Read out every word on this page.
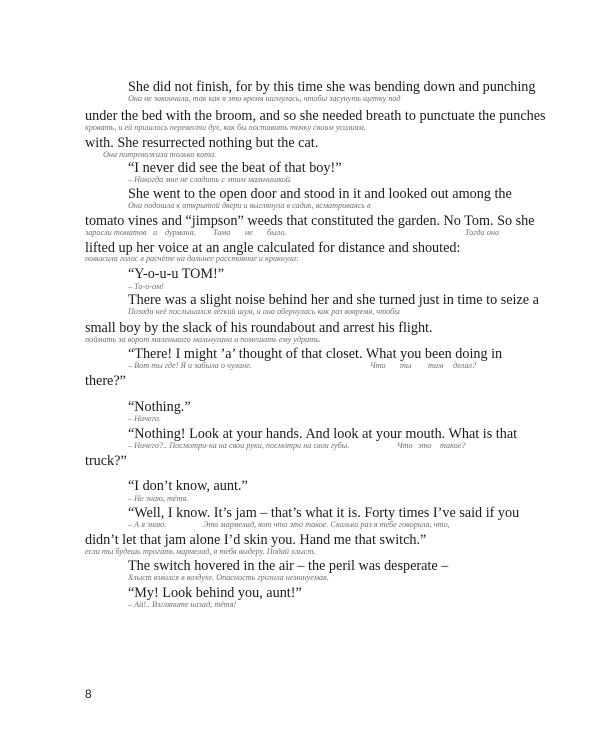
She did not finish, for by this time she was bending down and punching
Она не закончила, так как в это время нагнулась, чтобы засунуть щетку под
under the bed with the broom, and so she needed breath to punctuate the punches
кровать, и ей пришлось перевести дух, как бы поставить точку своим усилиям.
with. She resurrected nothing but the cat.
Она потревожила только кота.
“I never did see the beat of that boy!”
– Никогда мне не сладить с этим мальчишкой.
She went to the open door and stood in it and looked out among the
Она подошла к открытой двери и выглянула в садик, всматриваясь в
tomato vines and “jimpson” weeds that constituted the garden. No Tom. So she
заросли томатов и дурмана. Тома не было.	Тогда она
lifted up her voice at an angle calculated for distance and shouted:
повысила голос в расчёте на дальнее расстояние и крикнула:
“Y-o-u-u TOM!”
– То-о-ом!
There was a slight noise behind her and she turned just in time to seize a
Позади неё послышался лёгкий шум, и она обернулась как раз вовремя, чтобы
small boy by the slack of his roundabout and arrest his flight.
поймать за ворот маленького мальчугана и помешать ему удрать.
“There! I might ’a’ thought of that closet. What you been doing in
– Вот ты где! Я и забыла о чулане.	Что ты там делал?
there?”
“Nothing.”
– Ничего.
“Nothing! Look at your hands. And look at your mouth. What is that
– Ничего?.. Посмотри-ка на свои руки, посмотри на свои губы.	Что это такое?
truck?”
“I don’t know, aunt.”
– Не знаю, тётя.
“Well, I know. It’s jam – that’s what it is. Forty times I’ve said if you
– А я знаю.	Это мармелад, вот что это такое. Сколько раз я тебе говорила, что,
didn’t let that jam alone I’d skin you. Hand me that switch.”
если ты будешь трогать мармелад, я тебя выдеру. Подай хлыст.
The switch hovered in the air – the peril was desperate –
Хлыст взвился в воздухе. Опасность грозила неминуемая.
“My! Look behind you, aunt!”
– Ай!.. Взгляните назад, тётя!
8
